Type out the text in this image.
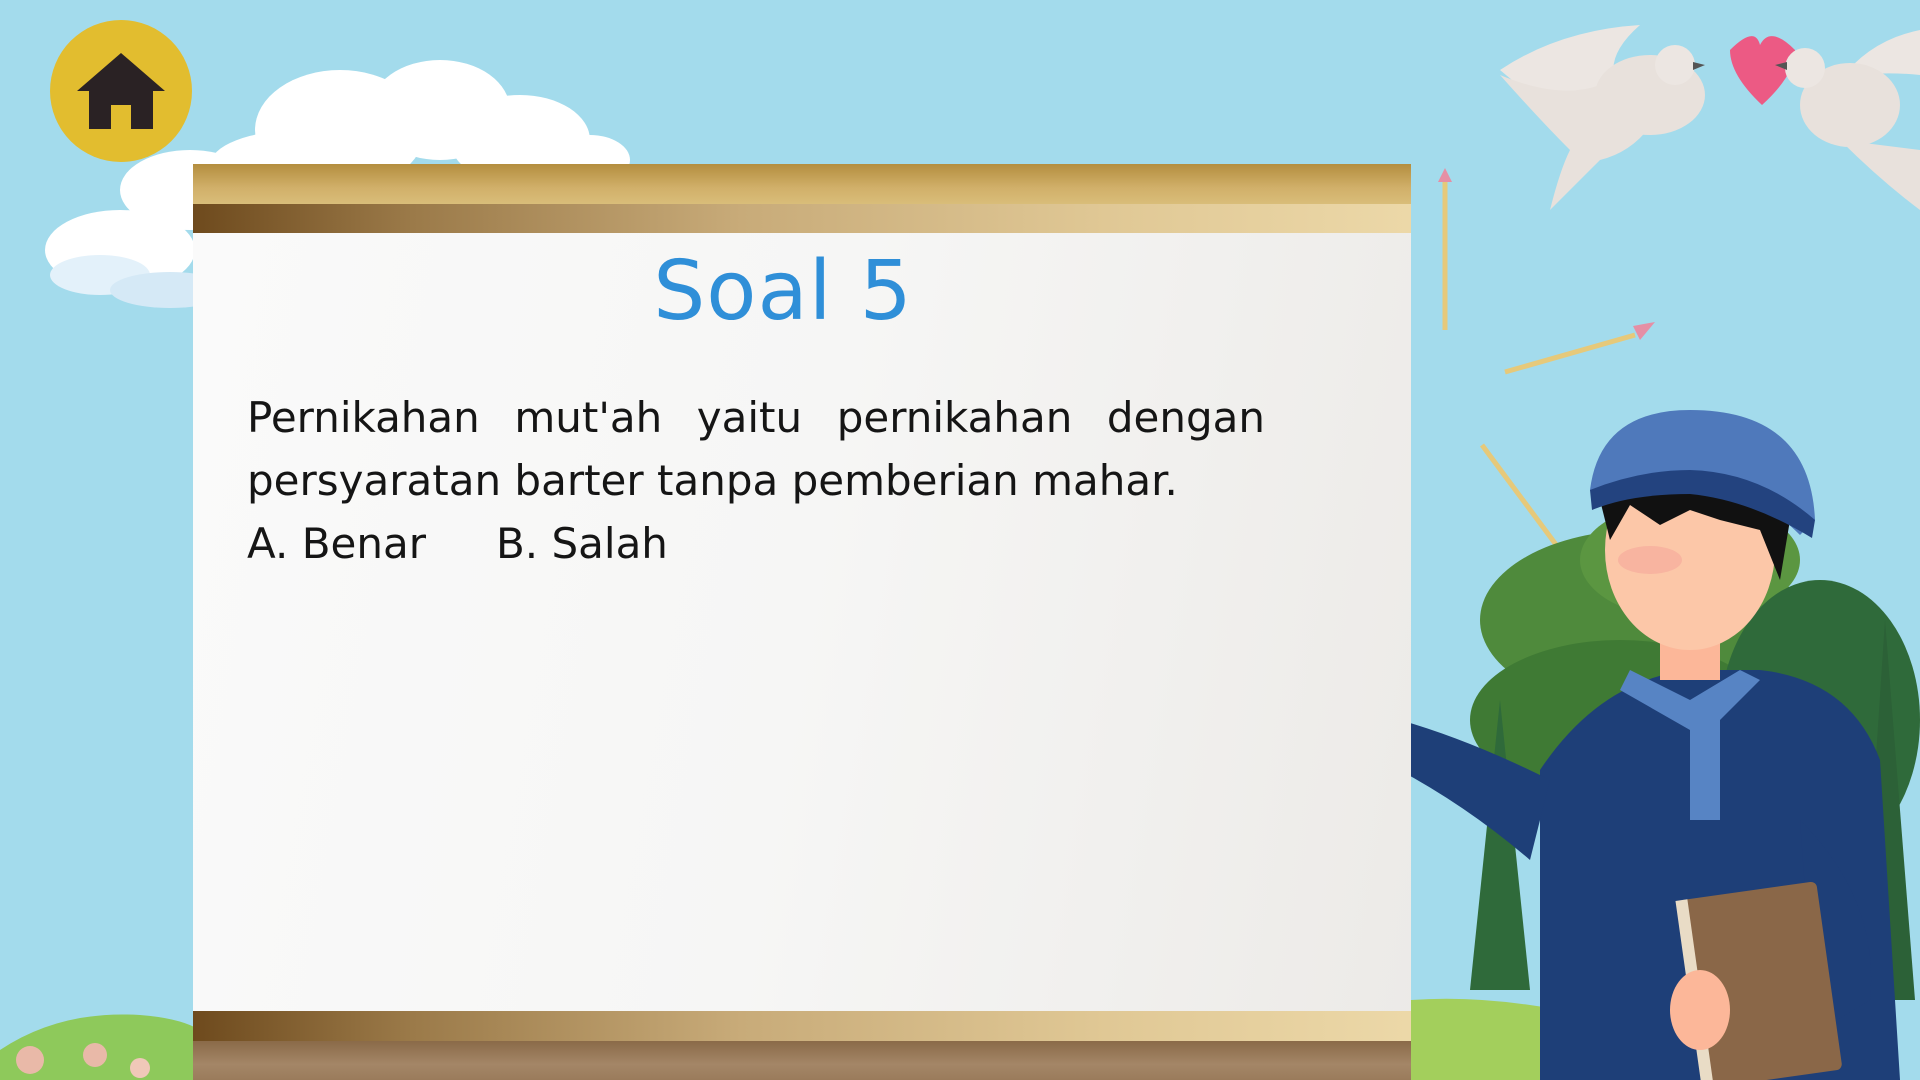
Soal 5
Pernikahan mut'ah yaitu pernikahan dengan persyaratan barter tanpa pemberian mahar.
A. Benar B. Salah
